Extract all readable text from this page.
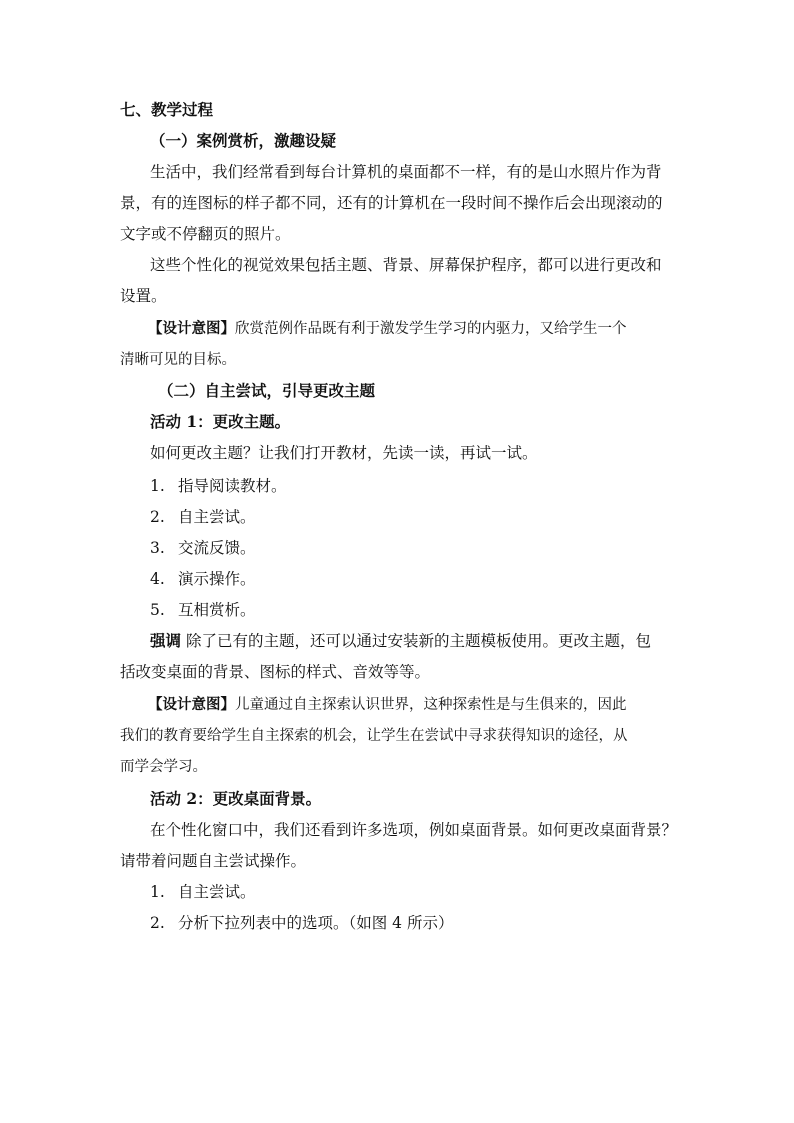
七、教学过程
（一）案例赏析，激趣设疑
生活中，我们经常看到每台计算机的桌面都不一样，有的是山水照片作为背
景，有的连图标的样子都不同，还有的计算机在一段时间不操作后会出现滚动的
文字或不停翻页的照片。
这些个性化的视觉效果包括主题、背景、屏幕保护程序，都可以进行更改和
设置。
【设计意图】欣赏范例作品既有利于激发学生学习的内驱力，又给学生一个
清晰可见的目标。
（二）自主尝试，引导更改主题
活动 1：更改主题。
如何更改主题？让我们打开教材，先读一读，再试一试。
1. 指导阅读教材。
2. 自主尝试。
3. 交流反馈。
4. 演示操作。
5. 互相赏析。
强调 除了已有的主题，还可以通过安装新的主题模板使用。更改主题，包
括改变桌面的背景、图标的样式、音效等等。
【设计意图】儿童通过自主探索认识世界，这种探索性是与生俱来的，因此
我们的教育要给学生自主探索的机会，让学生在尝试中寻求获得知识的途径，从
而学会学习。
活动 2：更改桌面背景。
在个性化窗口中，我们还看到许多选项，例如桌面背景。如何更改桌面背景？
请带着问题自主尝试操作。
1. 自主尝试。
2. 分析下拉列表中的选项。（如图 4 所示）
